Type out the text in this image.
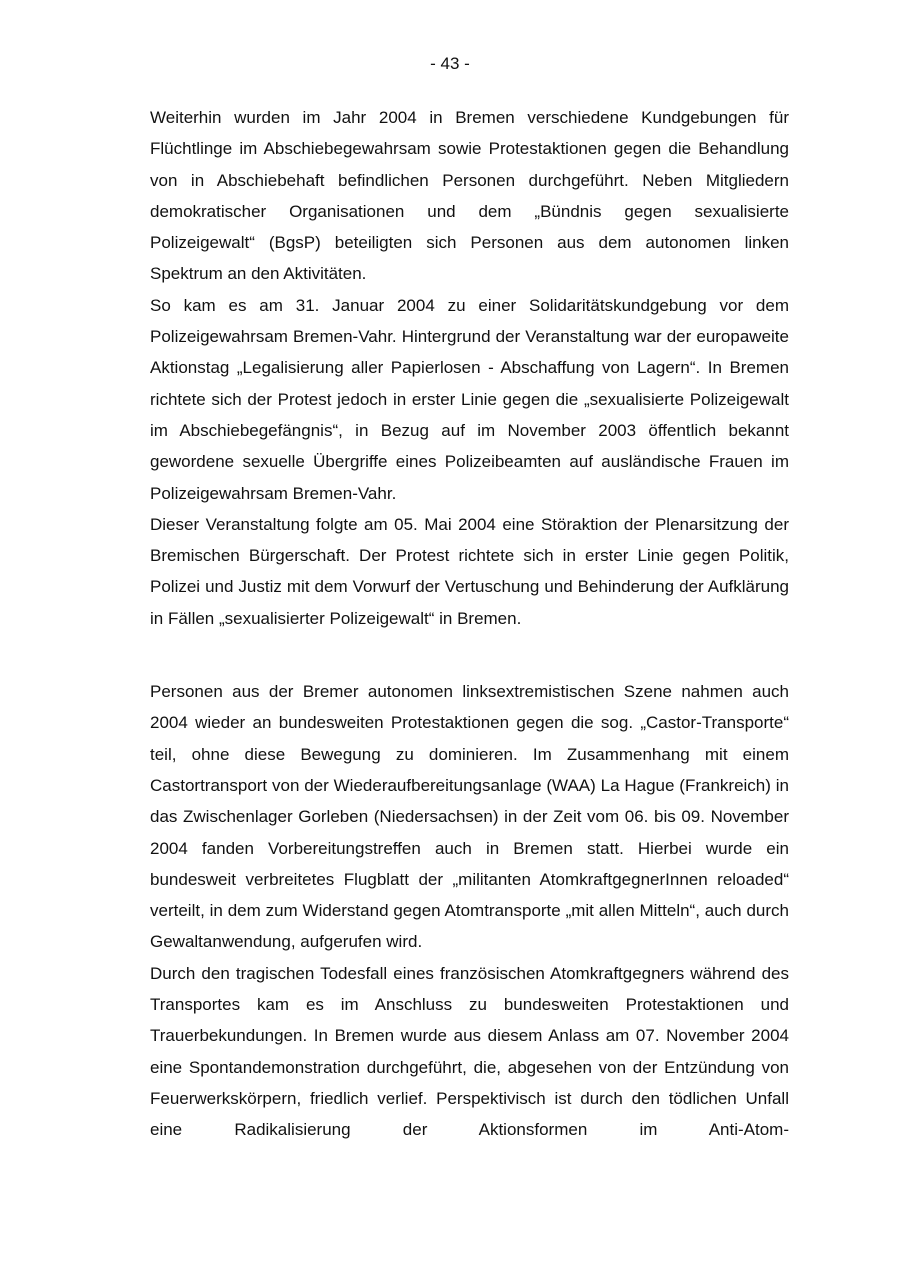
- 43 -

Weiterhin wurden im Jahr 2004 in Bremen verschiedene Kundgebungen für Flüchtlinge im Abschiebegewahrsam sowie Protestaktionen gegen die Behandlung von in Abschiebehaft befindlichen Personen durchgeführt. Neben Mitgliedern demokratischer Organisationen und dem „Bündnis gegen sexualisierte Polizeigewalt“ (BgsP) beteiligten sich Personen aus dem autonomen linken Spektrum an den Aktivitäten.

So kam es am 31. Januar 2004 zu einer Solidaritätskundgebung vor dem Polizeigewahrsam Bremen-Vahr. Hintergrund der Veranstaltung war der europaweite Aktionstag „Legalisierung aller Papierlosen - Abschaffung von Lagern“. In Bremen richtete sich der Protest jedoch in erster Linie gegen die „sexualisierte Polizeigewalt im Abschiebegefängnis“, in Bezug auf im November 2003 öffentlich bekannt gewordene sexuelle Übergriffe eines Polizeibeamten auf ausländische Frauen im Polizeigewahrsam Bremen-Vahr.

Dieser Veranstaltung folgte am 05. Mai 2004 eine Störaktion der Plenarsitzung der Bremischen Bürgerschaft. Der Protest richtete sich in erster Linie gegen Politik, Polizei und Justiz mit dem Vorwurf der Vertuschung und Behinderung der Aufklärung in Fällen „sexualisierter Polizeigewalt“ in Bremen.

Personen aus der Bremer autonomen linksextremistischen Szene nahmen auch 2004 wieder an bundesweiten Protestaktionen gegen die sog. „Castor-Transporte“ teil, ohne diese Bewegung zu dominieren. Im Zusammenhang mit einem Castortransport von der Wiederaufbereitungsanlage (WAA) La Hague (Frankreich) in das Zwischenlager Gorleben (Niedersachsen) in der Zeit vom 06. bis 09. November 2004 fanden Vorbereitungstreffen auch in Bremen statt. Hierbei wurde ein bundesweit verbreitetes Flugblatt der „militanten AtomkraftgegnerInnen reloaded“ verteilt, in dem zum Widerstand gegen Atomtransporte „mit allen Mitteln“, auch durch Gewaltanwendung, aufgerufen wird.

Durch den tragischen Todesfall eines französischen Atomkraftgegners während des Transportes kam es im Anschluss zu bundesweiten Protestaktionen und Trauerbekundungen. In Bremen wurde aus diesem Anlass am 07. November 2004 eine Spontandemonstration durchgeführt, die, abgesehen von der Entzündung von Feuerwerkskörpern, friedlich verlief. Perspektivisch ist durch den tödlichen Unfall eine Radikalisierung der Aktionsformen im Anti-Atom-
